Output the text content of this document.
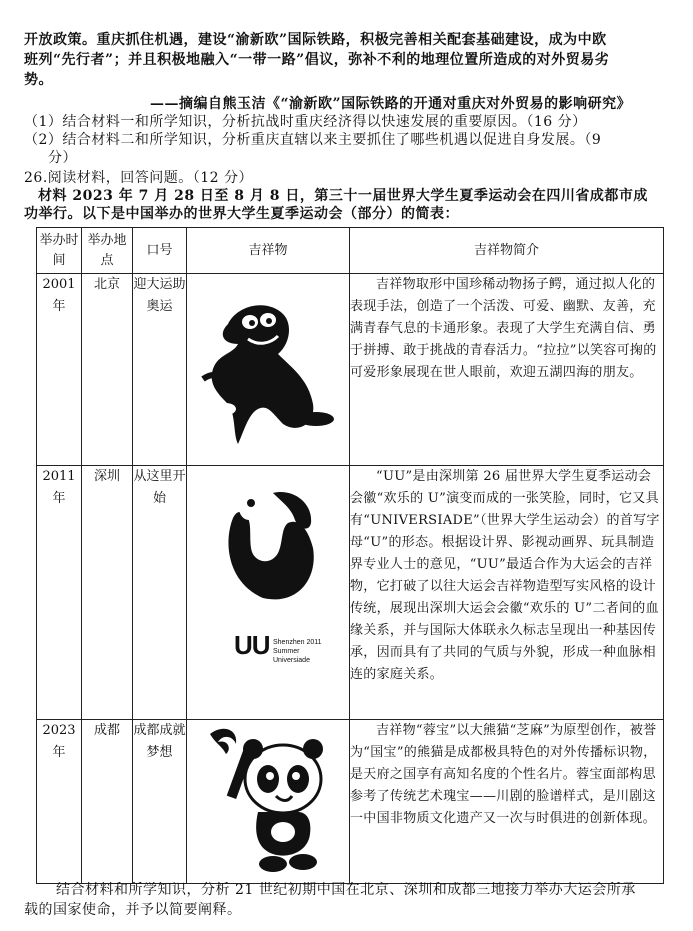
开放政策。重庆抓住机遇，建设“渝新欧”国际铁路，积极完善相关配套基础建设，成为中欧
班列“先行者”；并且积极地融入“一带一路”倡议，弥补不利的地理位置所造成的对外贸易劣
势。
——摘编自熊玉洁《“渝新欧”国际铁路的开通对重庆对外贸易的影响研究》
（1）结合材料一和所学知识，分析抗战时重庆经济得以快速发展的重要原因。（16 分）
（2）结合材料二和所学知识，分析重庆直辖以来主要抓住了哪些机遇以促进自身发展。（9
分）
26.阅读材料，回答问题。（12 分）
材料 2023 年 7 月 28 日至 8 月 8 日，第三十一届世界大学生夏季运动会在四川省成都市成
功举行。以下是中国举办的世界大学生夏季运动会（部分）的简表：
举办时间	举办地点	口号	吉祥物	吉祥物简介
2001年	北京	迎大运助奥运		吉祥物取形中国珍稀动物扬子鳄，通过拟人化的表现手法，创造了一个活泼、可爱、幽默、友善，充满青春气息的卡通形象。表现了大学生充满自信、勇于拼搏、敢于挑战的青春活力。“拉拉”以笑容可掬的可爱形象展现在世人眼前，欢迎五湖四海的朋友。
2011年	深圳	从这里开始	UU Shenzhen 2011 Summer Universiade	“UU”是由深圳第 26 届世界大学生夏季运动会会徽“欢乐的 U”演变而成的一张笑脸，同时，它又具有“UNIVERSIADE”（世界大学生运动会）的首写字母“U”的形态。根据设计界、影视动画界、玩具制造界专业人士的意见，“UU”最适合作为大运会的吉祥物，它打破了以往大运会吉祥物造型写实风格的设计传统，展现出深圳大运会会徽“欢乐的 U”二者间的血缘关系，并与国际大体联永久标志呈现出一种基因传承，因而具有了共同的气质与外貌，形成一种血脉相连的家庭关系。
2023年	成都	成都成就梦想		吉祥物“蓉宝”以大熊猫“芝麻”为原型创作，被誉为“国宝”的熊猫是成都极具特色的对外传播标识物，是天府之国享有高知名度的个性名片。蓉宝面部构思参考了传统艺术瑰宝——川剧的脸谱样式，是川剧这一中国非物质文化遗产又一次与时俱进的创新体现。
结合材料和所学知识，分析 21 世纪初期中国在北京、深圳和成都三地接力举办大运会所承
载的国家使命，并予以简要阐释。
